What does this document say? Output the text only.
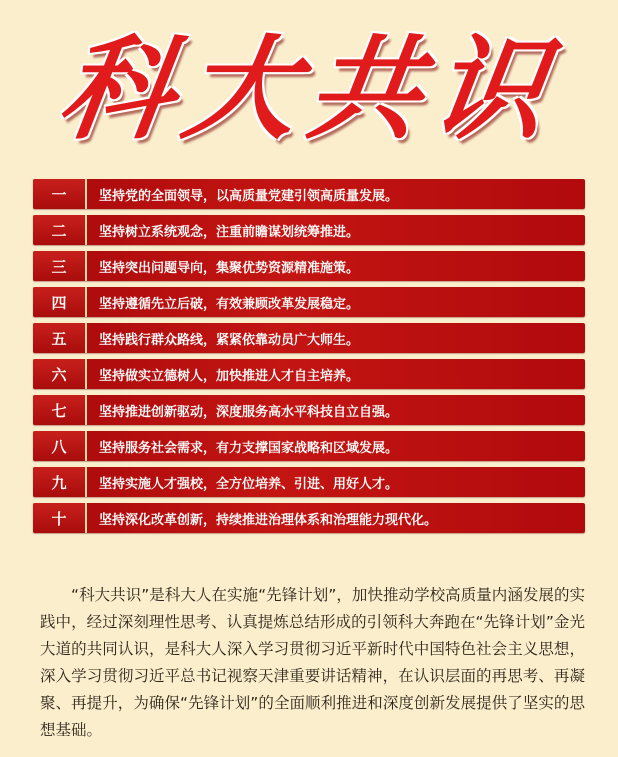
科大共识
一	坚持党的全面领导，以高质量党建引领高质量发展。
二	坚持树立系统观念，注重前瞻谋划统筹推进。
三	坚持突出问题导向，集聚优势资源精准施策。
四	坚持遵循先立后破，有效兼顾改革发展稳定。
五	坚持践行群众路线，紧紧依靠动员广大师生。
六	坚持做实立德树人，加快推进人才自主培养。
七	坚持推进创新驱动，深度服务高水平科技自立自强。
八	坚持服务社会需求，有力支撑国家战略和区域发展。
九	坚持实施人才强校，全方位培养、引进、用好人才。
十	坚持深化改革创新，持续推进治理体系和治理能力现代化。

“科大共识”是科大人在实施“先锋计划”，加快推动学校高质量内涵发展的实践中，经过深刻理性思考、认真提炼总结形成的引领科大奔跑在“先锋计划”金光大道的共同认识，是科大人深入学习贯彻习近平新时代中国特色社会主义思想，深入学习贯彻习近平总书记视察天津重要讲话精神，在认识层面的再思考、再凝聚、再提升，为确保“先锋计划”的全面顺利推进和深度创新发展提供了坚实的思想基础。
